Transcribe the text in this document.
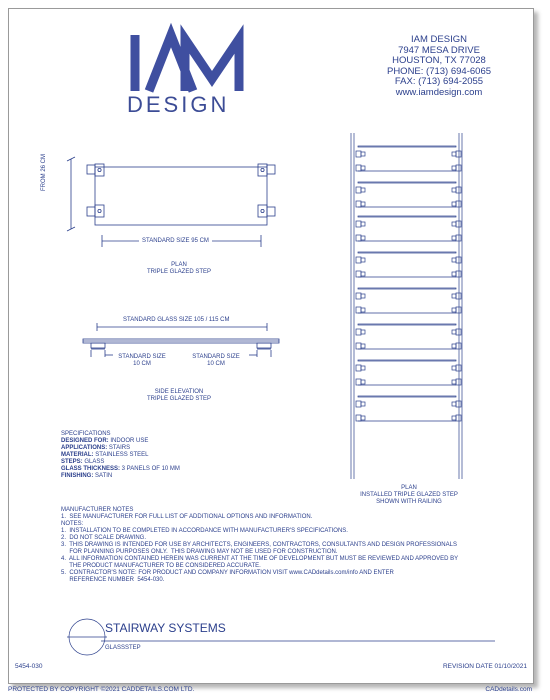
DESIGN
IAM DESIGN
7947 MESA DRIVE
HOUSTON, TX 77028
PHONE: (713) 694-6065
FAX: (713) 694-2055
www.iamdesign.com
FROM 26 CM
STANDARD SIZE 95 CM
PLAN
TRIPLE GLAZED STEP
STANDARD GLASS SIZE 105 / 115 CM
STANDARD SIZE
10 CM
STANDARD SIZE
10 CM
SIDE ELEVATION
TRIPLE GLAZED STEP
PLAN
INSTALLED TRIPLE GLAZED STEP
SHOWN WITH RAILING
SPECIFICATIONS
DESIGNED FOR: INDOOR USE
APPLICATIONS: STAIRS
MATERIAL: STAINLESS STEEL
STEPS: GLASS
GLASS THICKNESS: 3 PANELS OF 10 MM
FINISHING: SATIN
MANUFACTURER NOTES
1.  SEE MANUFACTURER FOR FULL LIST OF ADDITIONAL OPTIONS AND INFORMATION.
NOTES:
1.  INSTALLATION TO BE COMPLETED IN ACCORDANCE WITH MANUFACTURER'S SPECIFICATIONS.
2.  DO NOT SCALE DRAWING.
3.  THIS DRAWING IS INTENDED FOR USE BY ARCHITECTS, ENGINEERS, CONTRACTORS, CONSULTANTS AND DESIGN PROFESSIONALS
FOR PLANNING PURPOSES ONLY.  THIS DRAWING MAY NOT BE USED FOR CONSTRUCTION.
4.  ALL INFORMATION CONTAINED HEREIN WAS CURRENT AT THE TIME OF DEVELOPMENT BUT MUST BE REVIEWED AND APPROVED BY
THE PRODUCT MANUFACTURER TO BE CONSIDERED ACCURATE.
5.  CONTRACTOR'S NOTE: FOR PRODUCT AND COMPANY INFORMATION VISIT www.CADdetails.com/info AND ENTER
REFERENCE NUMBER  5454-030.
STAIRWAY SYSTEMS
GLASSSTEP
5454-030	REVISION DATE 01/10/2021
PROTECTED BY COPYRIGHT ©2021 CADDETAILS.COM LTD.	CADdetails.com
